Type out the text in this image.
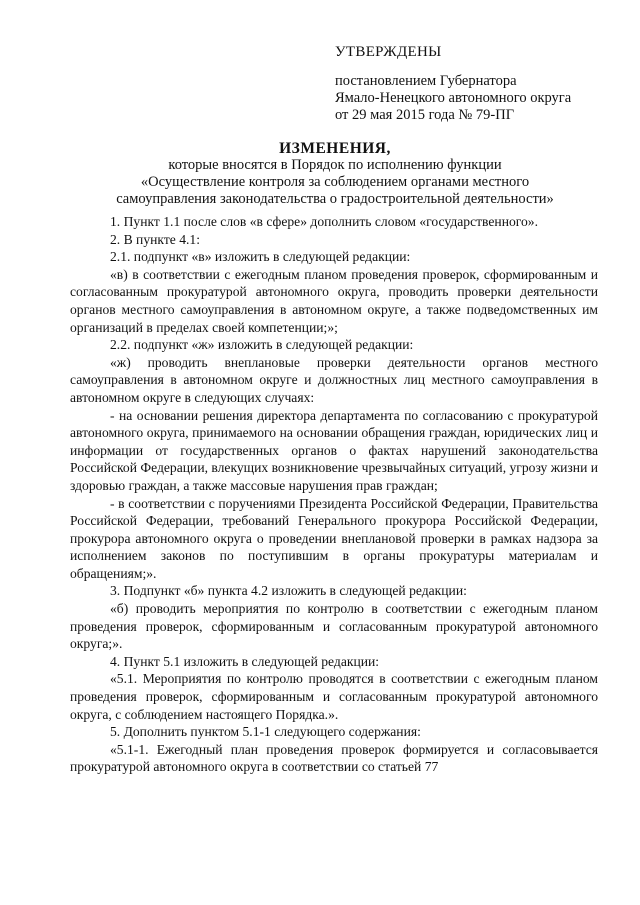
УТВЕРЖДЕНЫ
постановлением Губернатора
Ямало-Ненецкого автономного округа
от 29 мая 2015 года № 79-ПГ
ИЗМЕНЕНИЯ,
которые вносятся в Порядок по исполнению функции
«Осуществление контроля за соблюдением органами местного
самоуправления законодательства о градостроительной деятельности»

1. Пункт 1.1 после слов «в сфере» дополнить словом «государственного».

2. В пункте 4.1:

2.1. подпункт «в» изложить в следующей редакции:

«в) в соответствии с ежегодным планом проведения проверок, сформированным и согласованным прокуратурой автономного округа, проводить проверки деятельности органов местного самоуправления в автономном округе, а также подведомственных им организаций в пределах своей компетенции;»;

2.2. подпункт «ж» изложить в следующей редакции:

«ж) проводить внеплановые проверки деятельности органов местного самоуправления в автономном округе и должностных лиц местного самоуправления в автономном округе в следующих случаях:

- на основании решения директора департамента по согласованию с прокуратурой автономного округа, принимаемого на основании обращения граждан, юридических лиц и информации от государственных органов о фактах нарушений законодательства Российской Федерации, влекущих возникновение чрезвычайных ситуаций, угрозу жизни и здоровью граждан, а также массовые нарушения прав граждан;

- в соответствии с поручениями Президента Российской Федерации, Правительства Российской Федерации, требований Генерального прокурора Российской Федерации, прокурора автономного округа о проведении внеплановой проверки в рамках надзора за исполнением законов по поступившим в органы прокуратуры материалам и обращениям;».

3. Подпункт «б» пункта 4.2 изложить в следующей редакции:

«б) проводить мероприятия по контролю в соответствии с ежегодным планом проведения проверок, сформированным и согласованным прокуратурой автономного округа;».

4. Пункт 5.1 изложить в следующей редакции:

«5.1. Мероприятия по контролю проводятся в соответствии с ежегодным планом проведения проверок, сформированным и согласованным прокуратурой автономного округа, с соблюдением настоящего Порядка.».

5. Дополнить пунктом 5.1-1 следующего содержания:

«5.1-1. Ежегодный план проведения проверок формируется и согласовывается прокуратурой автономного округа в соответствии со статьей 77
